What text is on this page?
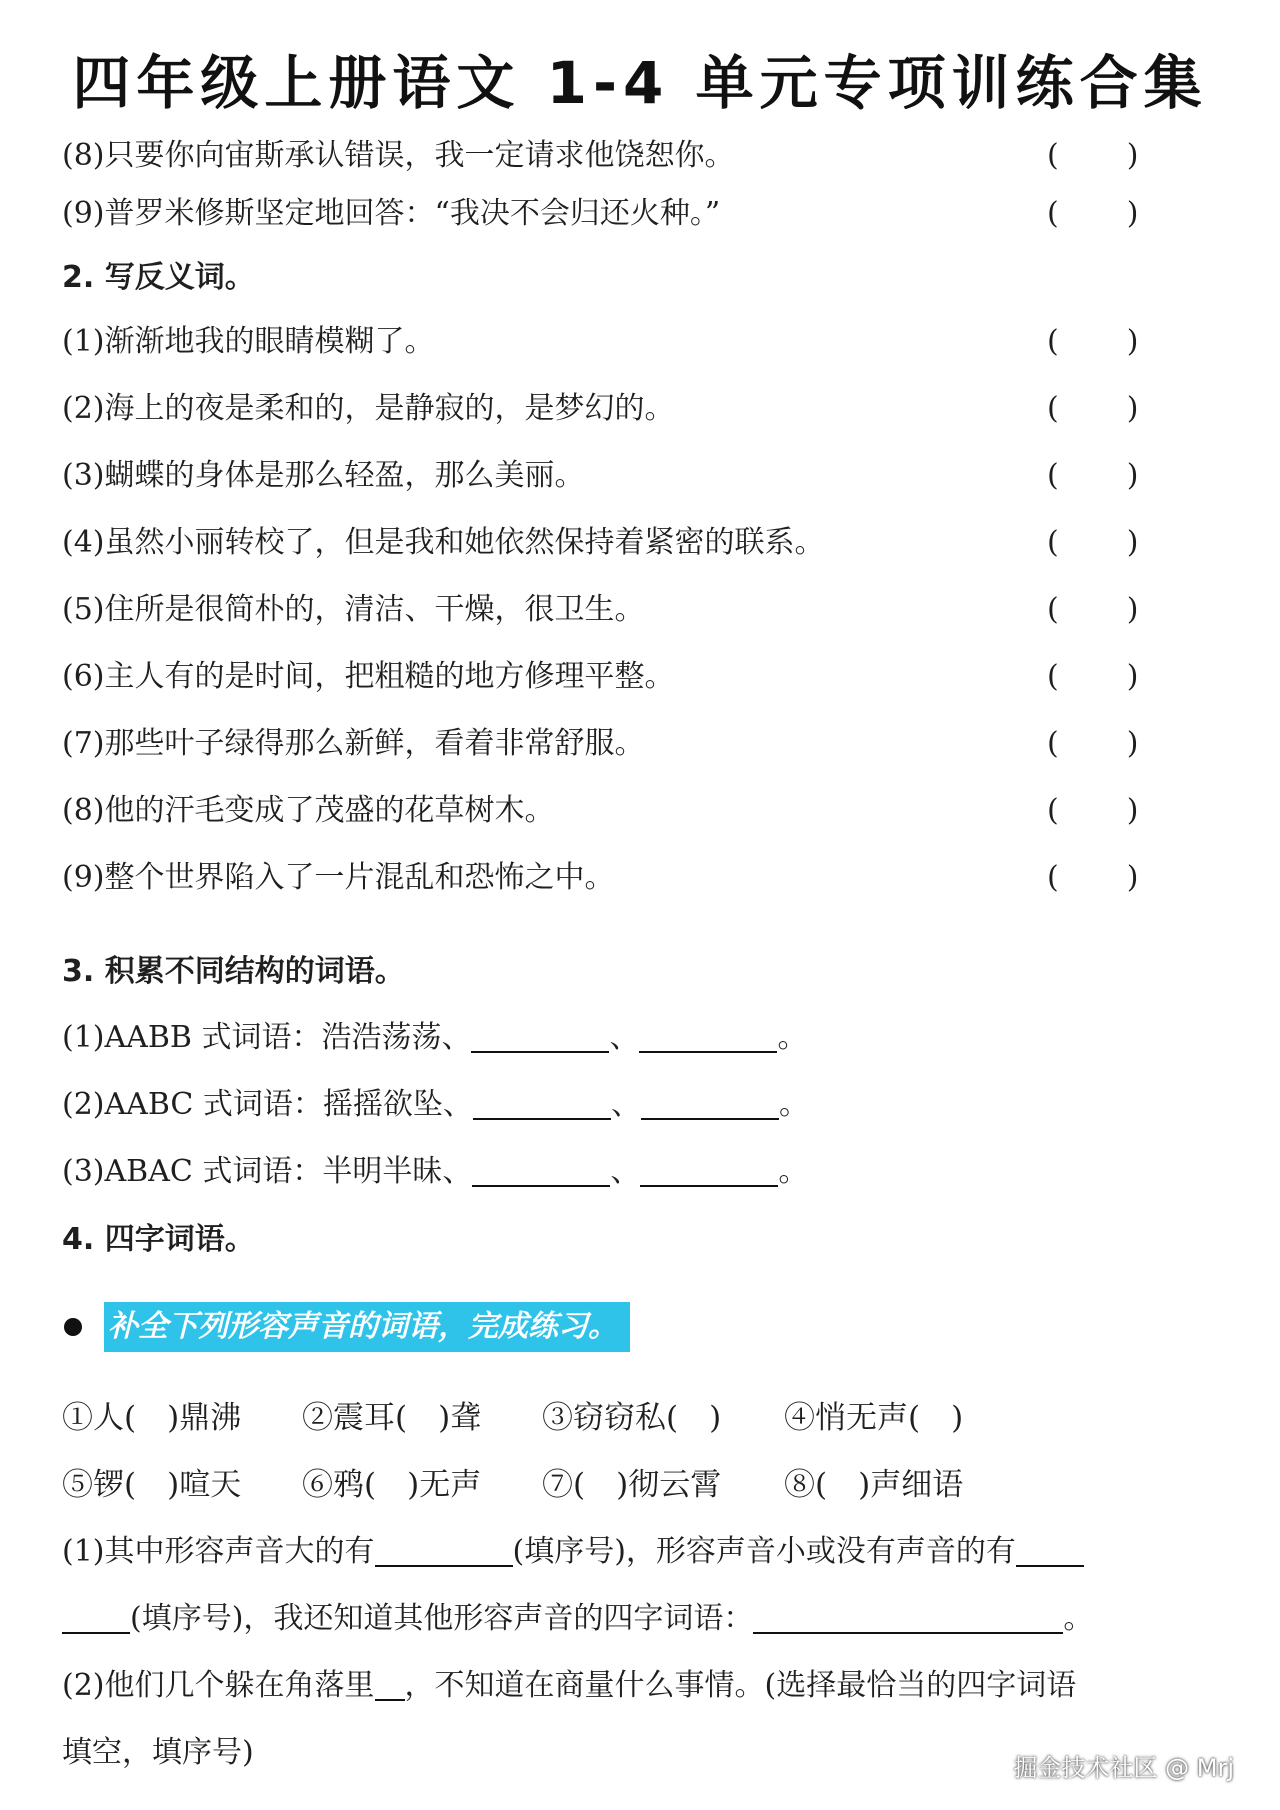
四年级上册语文 1-4 单元专项训练合集
(8)只要你向宙斯承认错误，我一定请求他饶恕你。	( )
(9)普罗米修斯坚定地回答：“我决不会归还火种。”	( )
2. 写反义词。
(1)渐渐地我的眼睛模糊了。	( )
(2)海上的夜是柔和的，是静寂的，是梦幻的。	( )
(3)蝴蝶的身体是那么轻盈，那么美丽。	( )
(4)虽然小丽转校了，但是我和她依然保持着紧密的联系。	( )
(5)住所是很简朴的，清洁、干燥，很卫生。	( )
(6)主人有的是时间，把粗糙的地方修理平整。	( )
(7)那些叶子绿得那么新鲜，看着非常舒服。	( )
(8)他的汗毛变成了茂盛的花草树木。	( )
(9)整个世界陷入了一片混乱和恐怖之中。	( )
3. 积累不同结构的词语。
(1)AABB 式词语：浩浩荡荡、	、	。
(2)AABC 式词语：摇摇欲坠、	、	。
(3)ABAC 式词语：半明半昧、	、	。
4. 四字词语。
补全下列形容声音的词语，完成练习。
①人(　)鼎沸 ②震耳(　)聋 ③窃窃私(　) ④悄无声(　)
⑤锣(　)喧天 ⑥鸦(　)无声 ⑦(　)彻云霄 ⑧(　)声细语
(1)其中形容声音大的有	(填序号)，形容声音小或没有声音的有
(填序号)，我还知道其他形容声音的四字词语：	。
(2)他们几个躲在角落里 ，不知道在商量什么事情。(选择最恰当的四字词语
填空，填序号)	掘金技术社区 @ Mrj
